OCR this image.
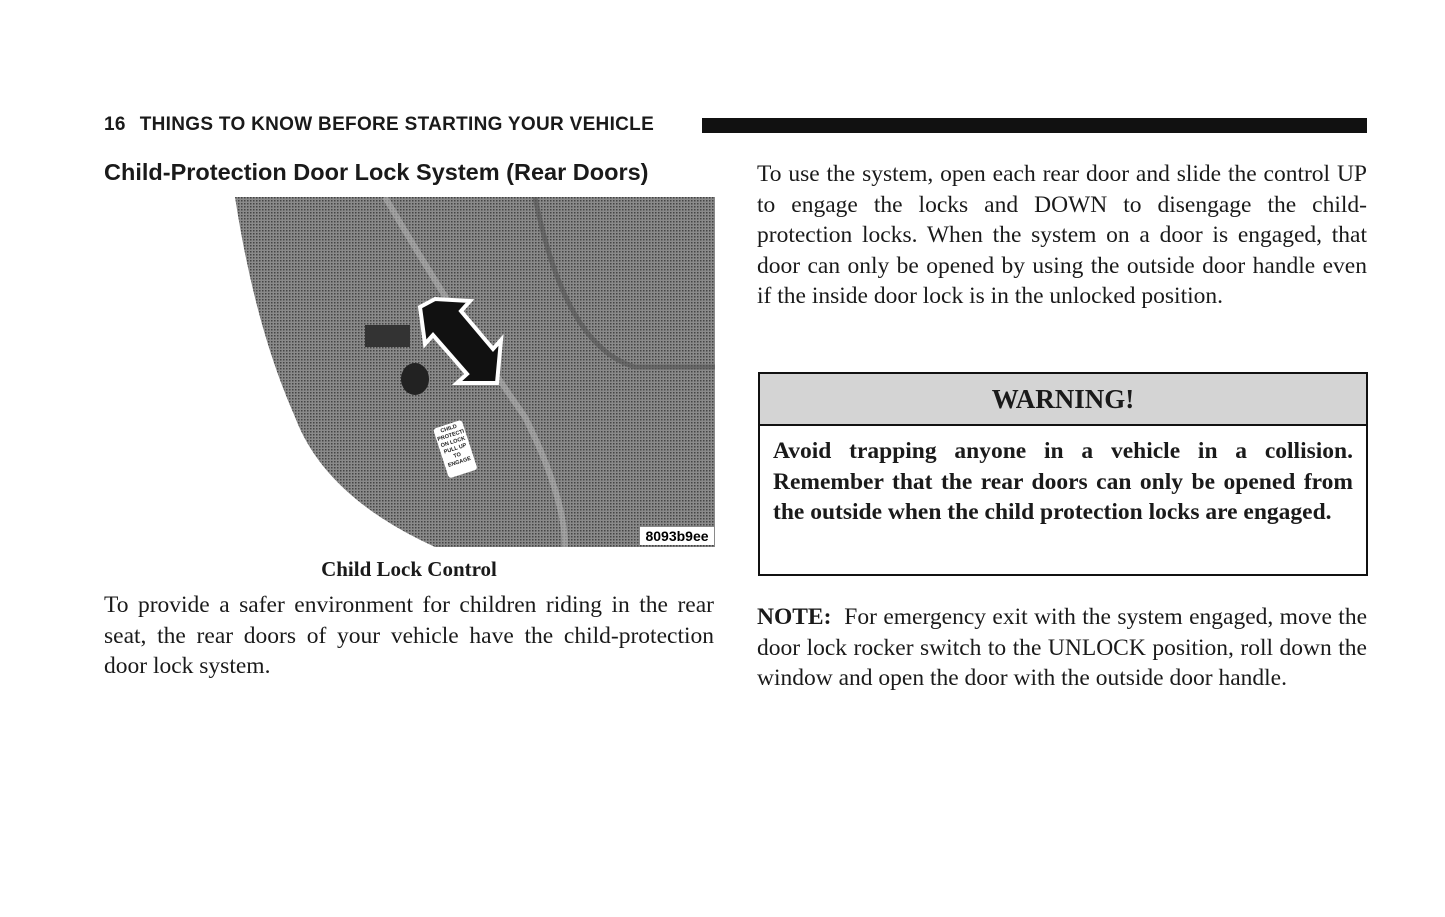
16 THINGS TO KNOW BEFORE STARTING YOUR VEHICLE
Child-Protection Door Lock System (Rear Doors)
CHILD PROTECTION LOCK PULL UP TO ENGAGE
8093b9ee
Child Lock Control

To provide a safer environment for children riding in the rear seat, the rear doors of your vehicle have the child-protection door lock system.

To use the system, open each rear door and slide the control UP to engage the locks and DOWN to disengage the child-protection locks. When the system on a door is engaged, that door can only be opened by using the outside door handle even if the inside door lock is in the unlocked position.

WARNING!

Avoid trapping anyone in a vehicle in a collision. Remember that the rear doors can only be opened from the outside when the child protection locks are engaged.

NOTE: For emergency exit with the system engaged, move the door lock rocker switch to the UNLOCK position, roll down the window and open the door with the outside door handle.
